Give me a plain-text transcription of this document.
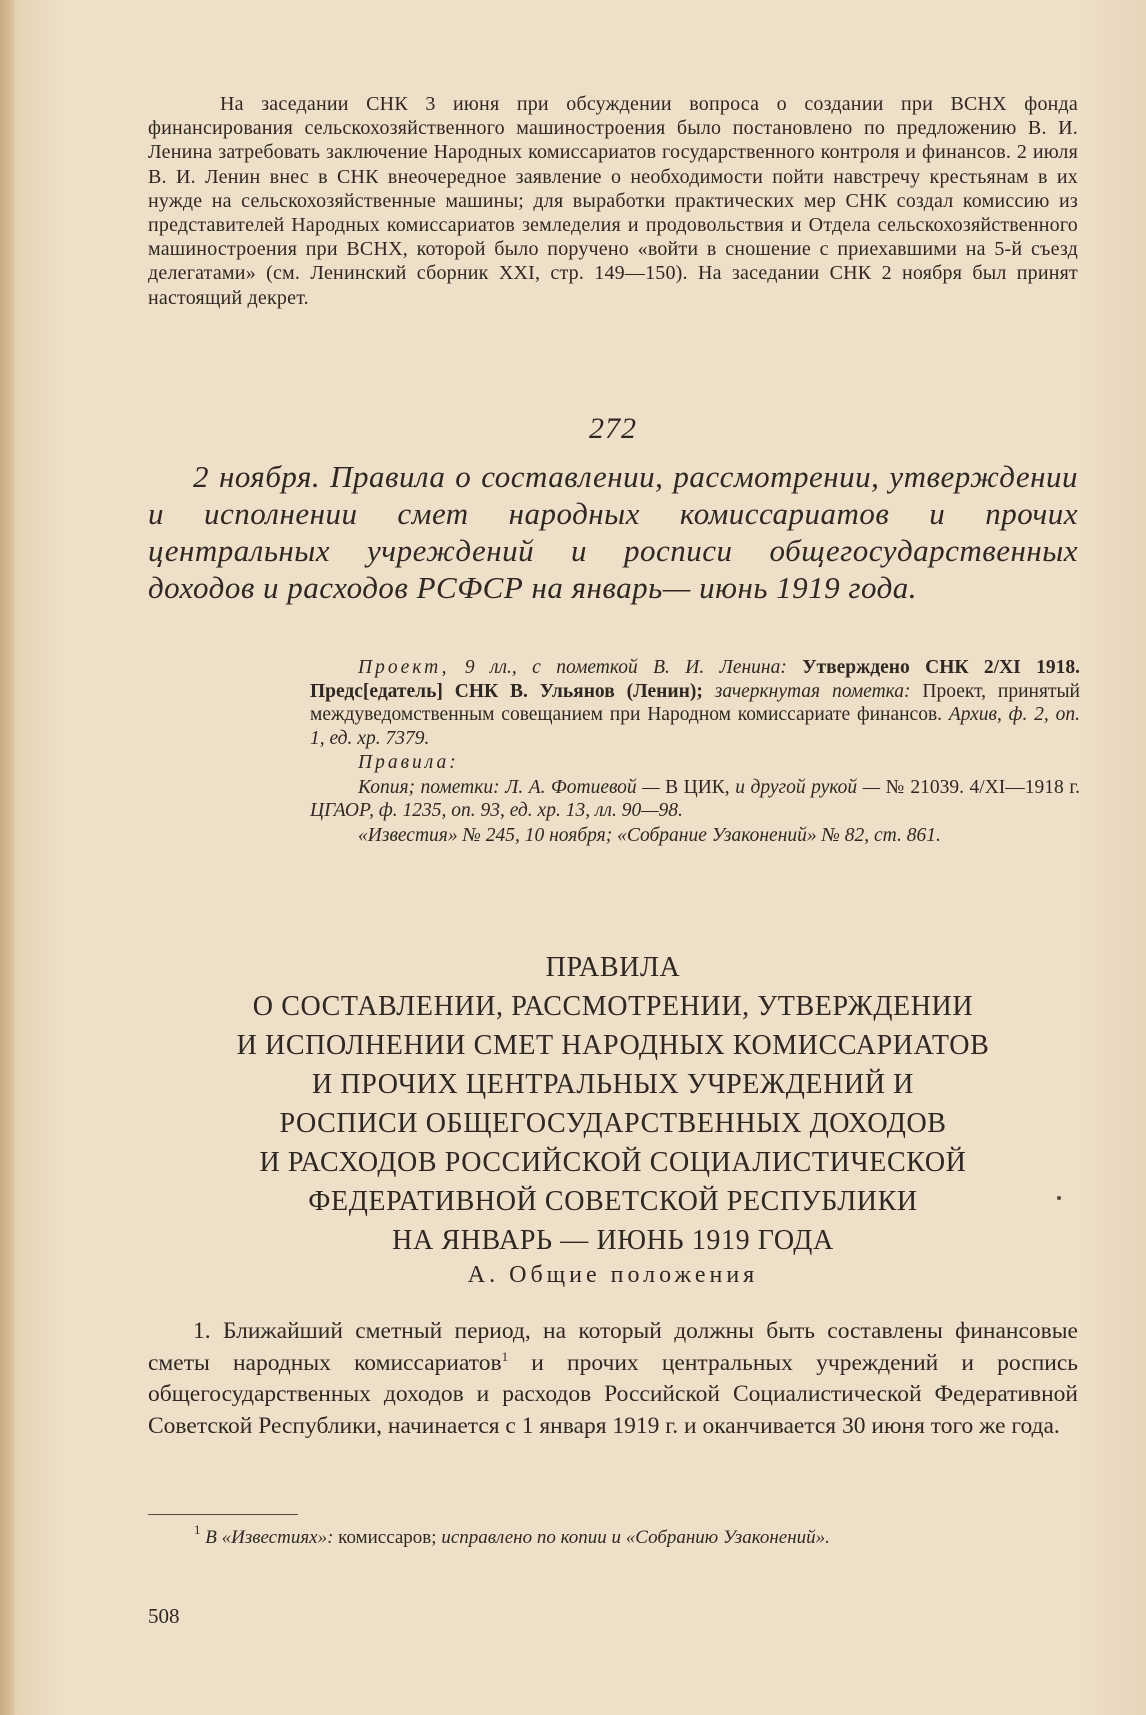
На заседании СНК 3 июня при обсуждении вопроса о создании при ВСНХ фонда финансирования сельскохозяйственного машиностроения было постановлено по предложению В. И. Ленина затребовать заключение Народных комиссариатов государственного контроля и финансов. 2 июля В. И. Ленин внес в СНК внеочередное заявление о необходимости пойти навстречу крестьянам в их нужде на сельскохозяйственные машины; для выработки практических мер СНК создал комиссию из представителей Народных комиссариатов земледелия и продовольствия и Отдела сельскохозяйственного машиностроения при ВСНХ, которой было поручено «войти в сношение с приехавшими на 5-й съезд делегатами» (см. Ленинский сборник XXI, стр. 149—150). На заседании СНК 2 ноября был принят настоящий декрет.
272
2 ноября. Правила о составлении, рассмотрении, утверждении и исполнении смет народных комиссариатов и прочих центральных учреждений и росписи общегосударственных доходов и расходов РСФСР на январь— июнь 1919 года.

Проект, 9 лл., с пометкой В. И. Ленина: Утверждено СНК 2/XI 1918. Предс[едатель] СНК В. Ульянов (Ленин); зачеркнутая пометка: Проект, принятый междуведомственным совещанием при Народном комиссариате финансов. Архив, ф. 2, оп. 1, ед. хр. 7379.

Правила:

Копия; пометки: Л. А. Фотиевой — В ЦИК, и другой рукой — № 21039. 4/XI—1918 г. ЦГАОР, ф. 1235, оп. 93, ед. хр. 13, лл. 90—98.

«Известия» № 245, 10 ноября; «Собрание Узаконений» № 82, ст. 861.

ПРАВИЛА
О СОСТАВЛЕНИИ, РАССМОТРЕНИИ, УТВЕРЖДЕНИИ
И ИСПОЛНЕНИИ СМЕТ НАРОДНЫХ КОМИССАРИАТОВ
И ПРОЧИХ ЦЕНТРАЛЬНЫХ УЧРЕЖДЕНИЙ И
РОСПИСИ ОБЩЕГОСУДАРСТВЕННЫХ ДОХОДОВ
И РАСХОДОВ РОССИЙСКОЙ СОЦИАЛИСТИЧЕСКОЙ
ФЕДЕРАТИВНОЙ СОВЕТСКОЙ РЕСПУБЛИКИ
НА ЯНВАРЬ — ИЮНЬ 1919 ГОДА
А. Общие положения
1. Ближайший сметный период, на который должны быть составлены финансовые сметы народных комиссариатов$^1$ и прочих центральных учреждений и роспись общегосударственных доходов и расходов Российской Социалистической Федеративной Советской Республики, начинается с 1 января 1919 г. и оканчивается 30 июня того же года.
$^1$ В «Известиях»: комиссаров; исправлено по копии и «Собранию Узаконений».
508
